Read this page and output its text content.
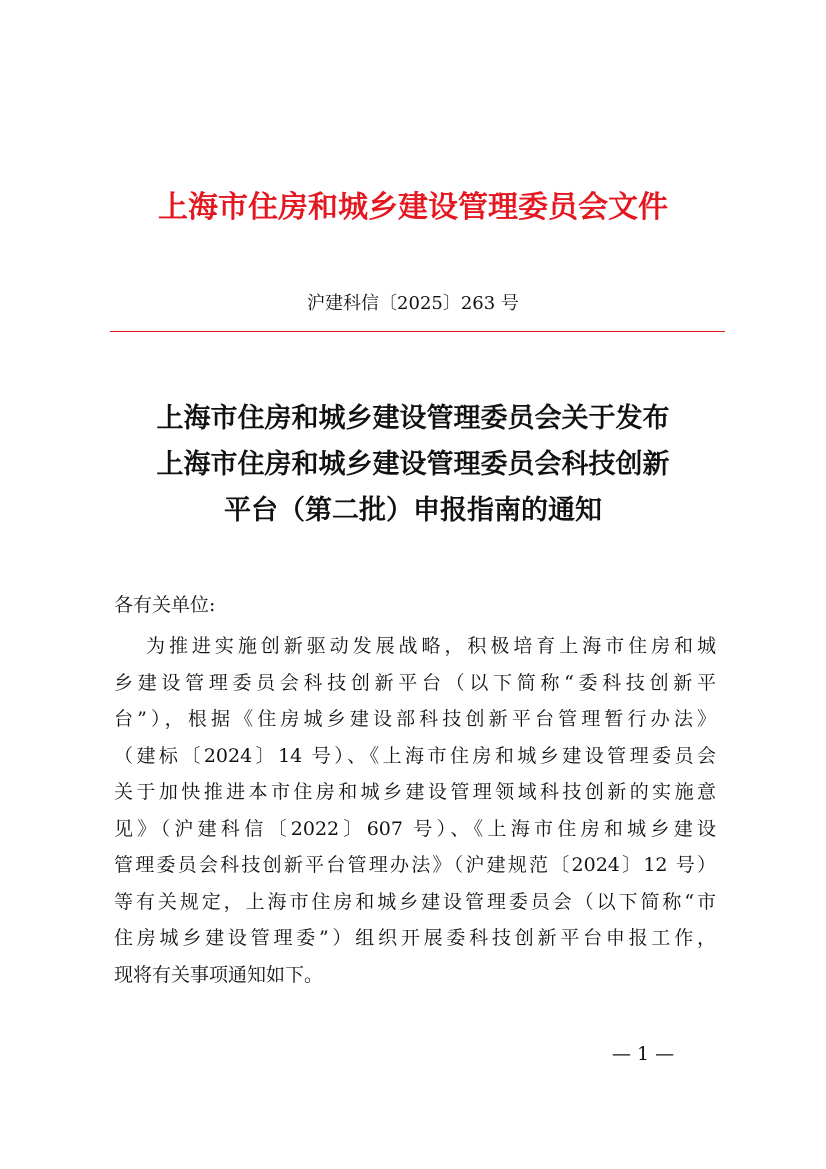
上海市住房和城乡建设管理委员会文件
沪建科信〔2025〕263 号
上海市住房和城乡建设管理委员会关于发布
上海市住房和城乡建设管理委员会科技创新
平台（第二批）申报指南的通知
各有关单位:
为推进实施创新驱动发展战略，积极培育上海市住房和城
乡建设管理委员会科技创新平台（以下简称“委科技创新平
台”），根据《住房城乡建设部科技创新平台管理暂行办法》
（建标〔2024〕14 号）、《上海市住房和城乡建设管理委员会
关于加快推进本市住房和城乡建设管理领域科技创新的实施意
见》（沪建科信〔2022〕607 号）、《上海市住房和城乡建设
管理委员会科技创新平台管理办法》（沪建规范〔2024〕12 号）
等有关规定，上海市住房和城乡建设管理委员会（以下简称“市
住房城乡建设管理委”）组织开展委科技创新平台申报工作，
现将有关事项通知如下。
— 1 —
